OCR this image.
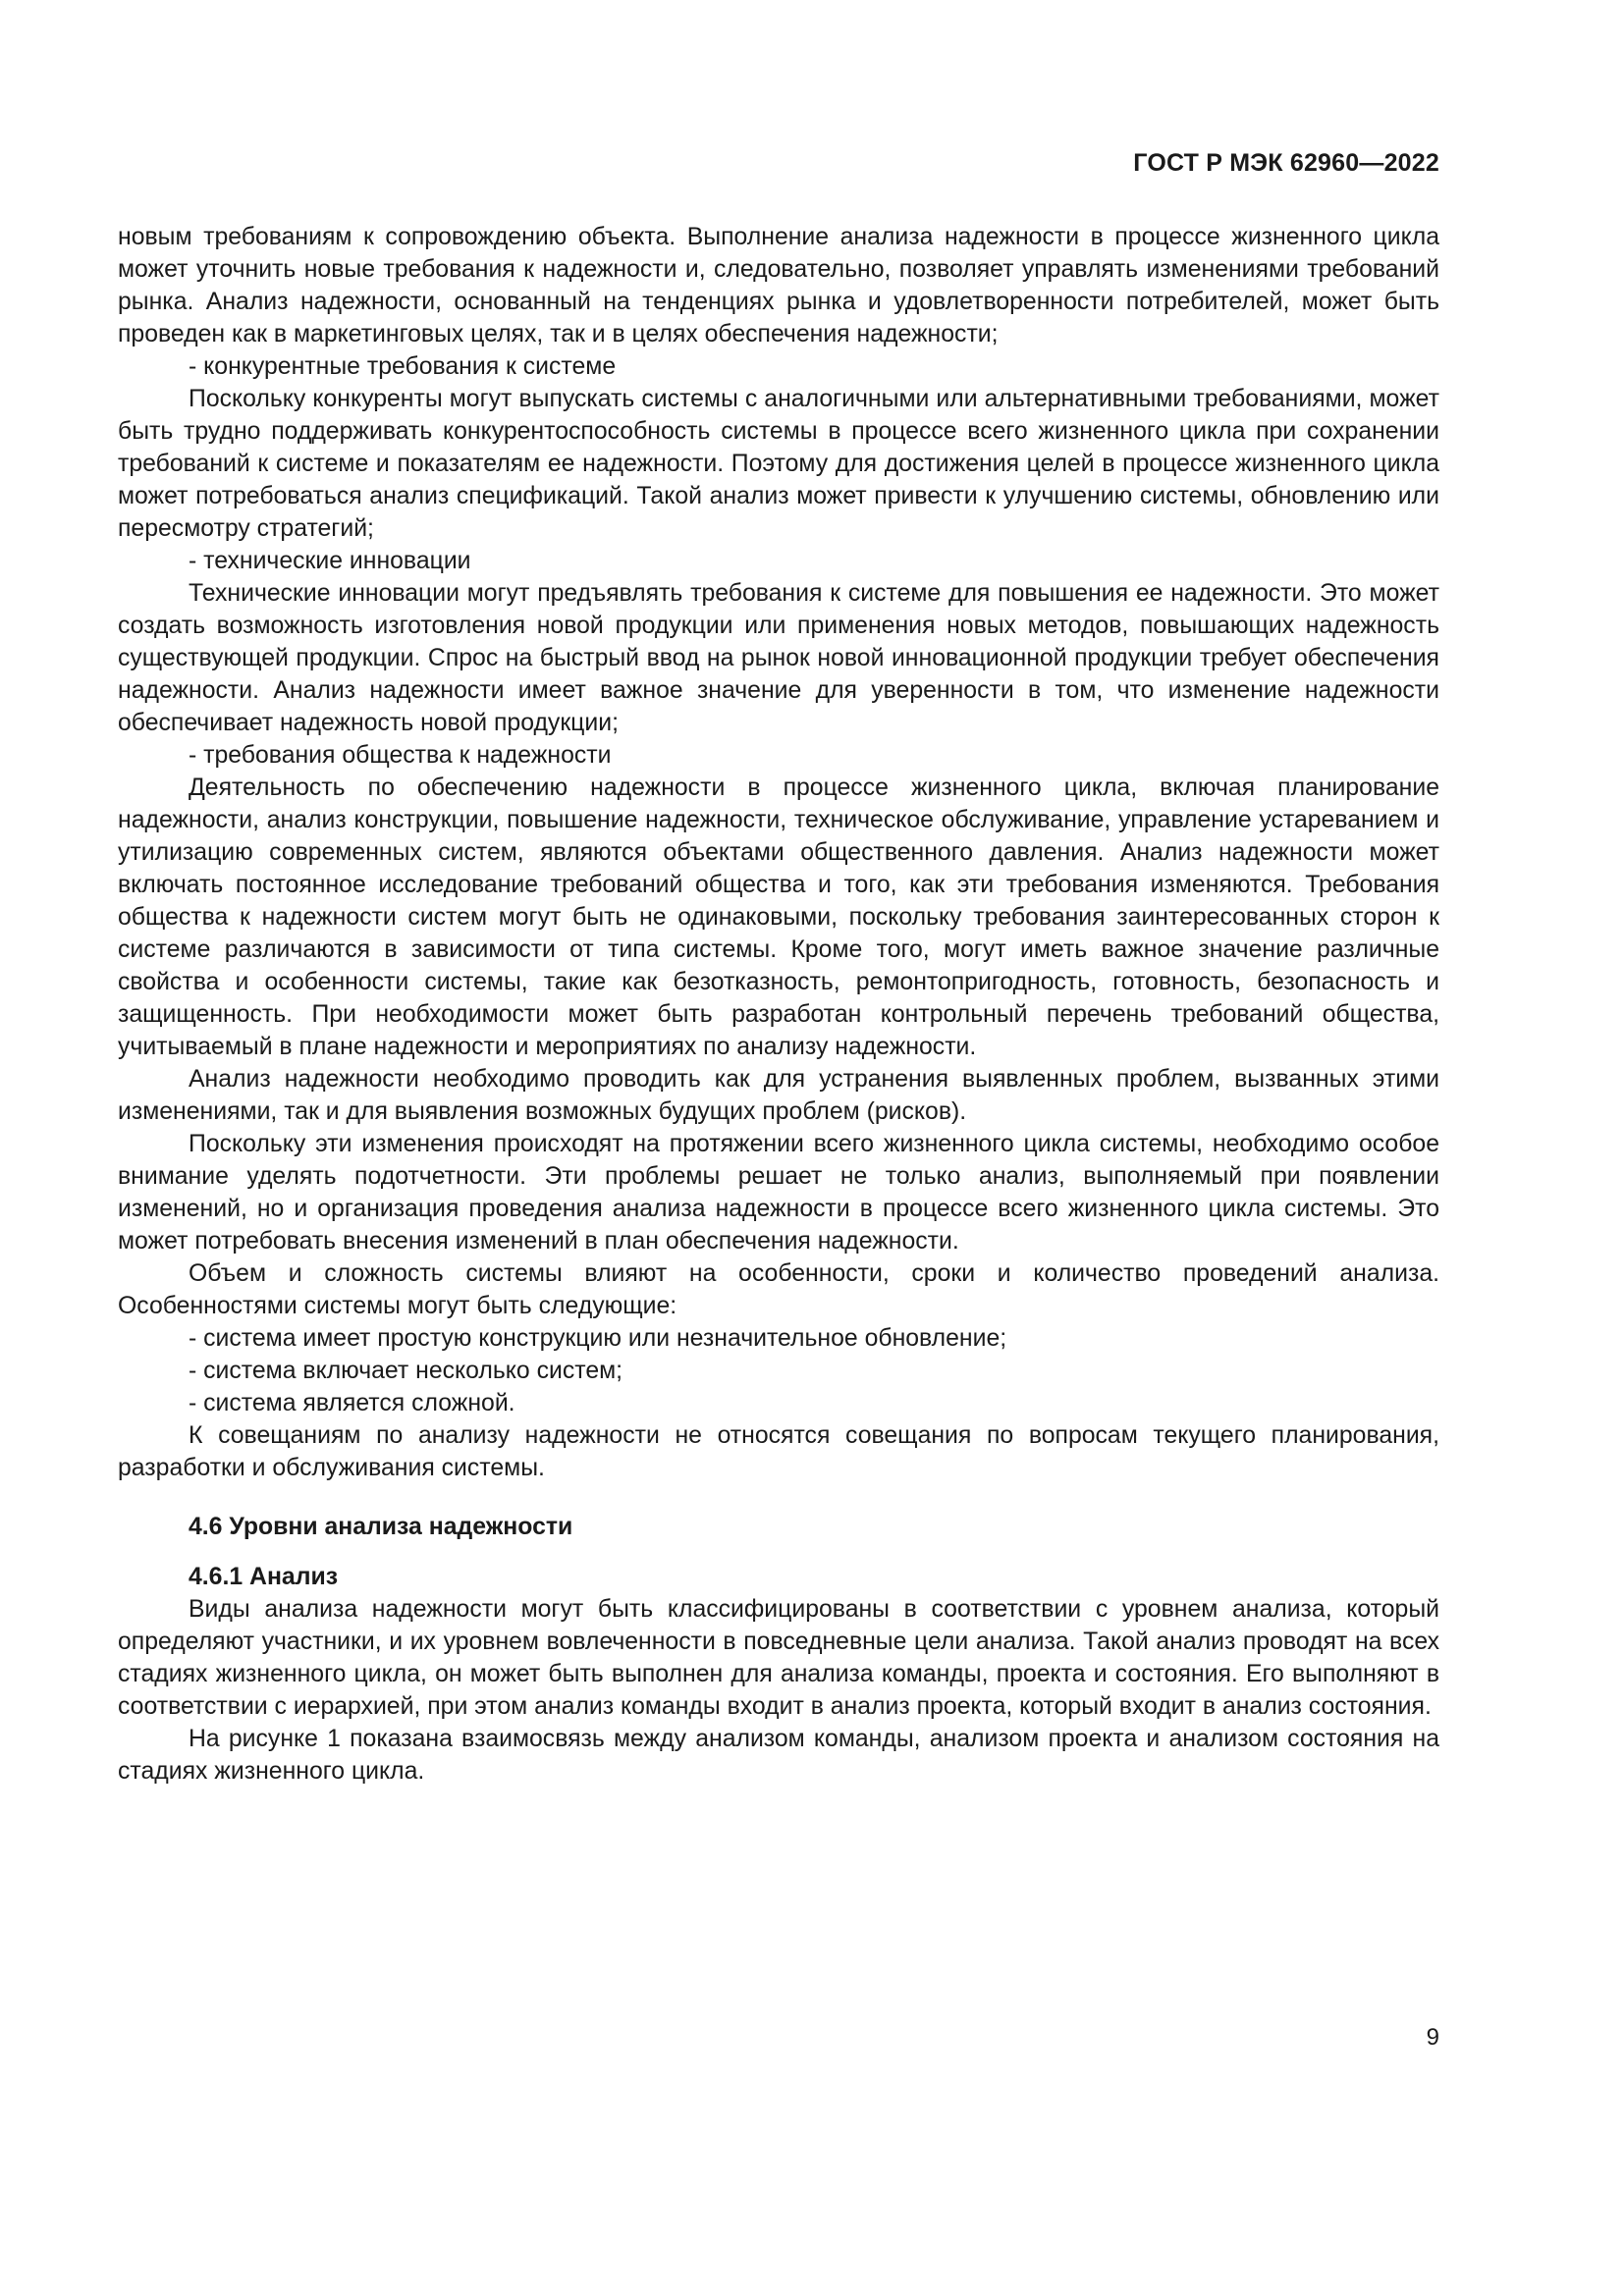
ГОСТ Р МЭК 62960—2022

новым требованиям к сопровождению объекта. Выполнение анализа надежности в процессе жизненного цикла может уточнить новые требования к надежности и, следовательно, позволяет управлять изменениями требований рынка. Анализ надежности, основанный на тенденциях рынка и удовлетворенности потребителей, может быть проведен как в маркетинговых целях, так и в целях обеспечения надежности;

- конкурентные требования к системе

Поскольку конкуренты могут выпускать системы с аналогичными или альтернативными требованиями, может быть трудно поддерживать конкурентоспособность системы в процессе всего жизненного цикла при сохранении требований к системе и показателям ее надежности. Поэтому для достижения целей в процессе жизненного цикла может потребоваться анализ спецификаций. Такой анализ может привести к улучшению системы, обновлению или пересмотру стратегий;

- технические инновации

Технические инновации могут предъявлять требования к системе для повышения ее надежности. Это может создать возможность изготовления новой продукции или применения новых методов, повышающих надежность существующей продукции. Спрос на быстрый ввод на рынок новой инновационной продукции требует обеспечения надежности. Анализ надежности имеет важное значение для уверенности в том, что изменение надежности обеспечивает надежность новой продукции;

- требования общества к надежности

Деятельность по обеспечению надежности в процессе жизненного цикла, включая планирование надежности, анализ конструкции, повышение надежности, техническое обслуживание, управление устареванием и утилизацию современных систем, являются объектами общественного давления. Анализ надежности может включать постоянное исследование требований общества и того, как эти требования изменяются. Требования общества к надежности систем могут быть не одинаковыми, поскольку требования заинтересованных сторон к системе различаются в зависимости от типа системы. Кроме того, могут иметь важное значение различные свойства и особенности системы, такие как безотказность, ремонтопригодность, готовность, безопасность и защищенность. При необходимости может быть разработан контрольный перечень требований общества, учитываемый в плане надежности и мероприятиях по анализу надежности.

Анализ надежности необходимо проводить как для устранения выявленных проблем, вызванных этими изменениями, так и для выявления возможных будущих проблем (рисков).

Поскольку эти изменения происходят на протяжении всего жизненного цикла системы, необходимо особое внимание уделять подотчетности. Эти проблемы решает не только анализ, выполняемый при появлении изменений, но и организация проведения анализа надежности в процессе всего жизненного цикла системы. Это может потребовать внесения изменений в план обеспечения надежности.

Объем и сложность системы влияют на особенности, сроки и количество проведений анализа. Особенностями системы могут быть следующие:

- система имеет простую конструкцию или незначительное обновление;

- система включает несколько систем;

- система является сложной.

К совещаниям по анализу надежности не относятся совещания по вопросам текущего планирования, разработки и обслуживания системы.

4.6 Уровни анализа надежности

4.6.1 Анализ

Виды анализа надежности могут быть классифицированы в соответствии с уровнем анализа, который определяют участники, и их уровнем вовлеченности в повседневные цели анализа. Такой анализ проводят на всех стадиях жизненного цикла, он может быть выполнен для анализа команды, проекта и состояния. Его выполняют в соответствии с иерархией, при этом анализ команды входит в анализ проекта, который входит в анализ состояния.

На рисунке 1 показана взаимосвязь между анализом команды, анализом проекта и анализом состояния на стадиях жизненного цикла.

9
